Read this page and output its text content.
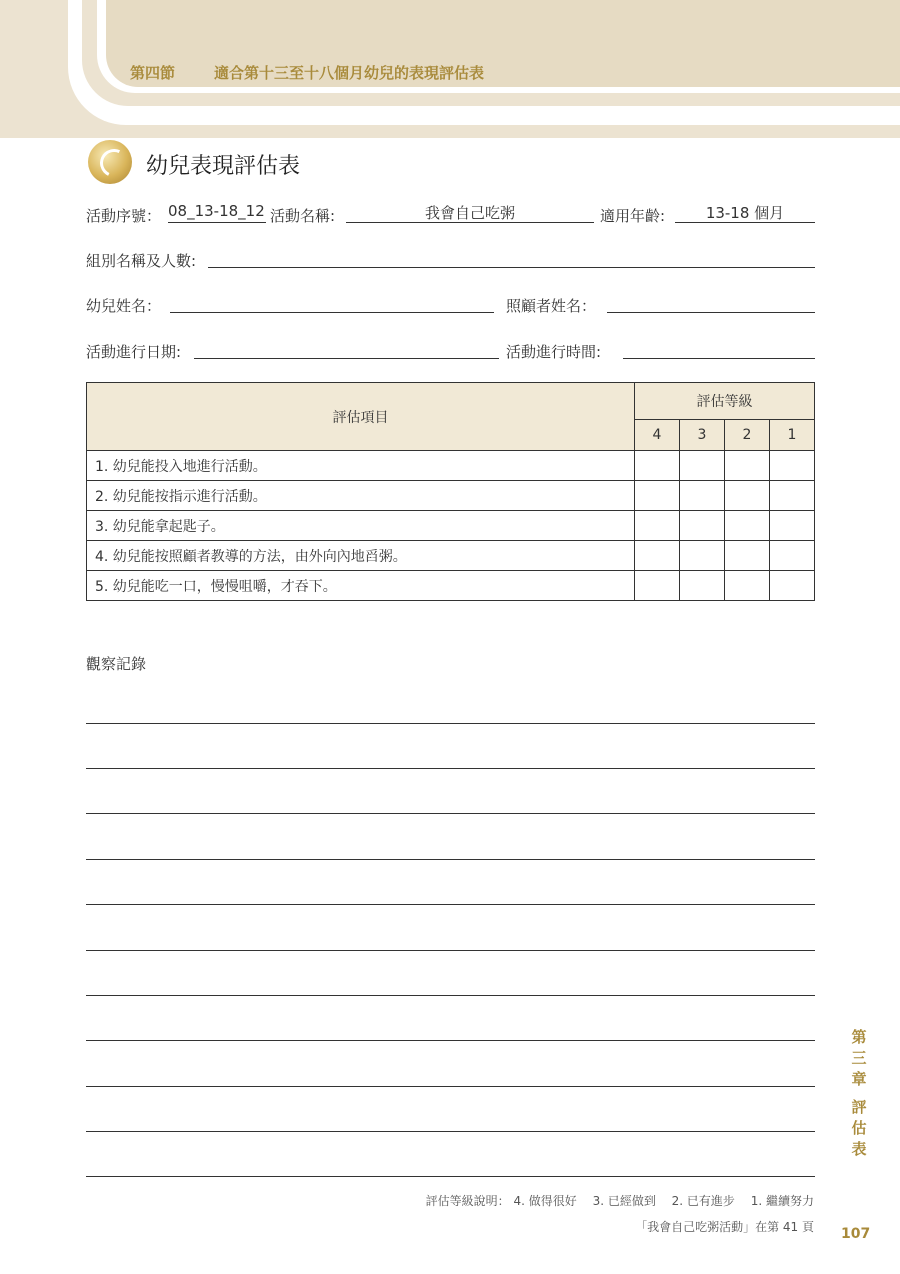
第四節	適合第十三至十八個月幼兒的表現評估表
幼兒表現評估表
活動序號： 08_13-18_12 活動名稱:	我會自己吃粥	適用年齡:	13-18 個月
組別名稱及人數:
幼兒姓名：	照顧者姓名：
活動進行日期:	活動進行時間:
評估項目	評估等級			
	4	3	2	1
1. 幼兒能投入地進行活動。				
2. 幼兒能按指示進行活動。				
3. 幼兒能拿起匙子。				
4. 幼兒能按照顧者教導的方法，由外向內地舀粥。				
5. 幼兒能吃一口，慢慢咀嚼，才吞下。				
觀察記錄
第三章
評估表
評估等級說明： 4. 做得很好　 3. 已經做到　 2. 已有進步　 1. 繼續努力
「我會自己吃粥活動」在第 41 頁 107
